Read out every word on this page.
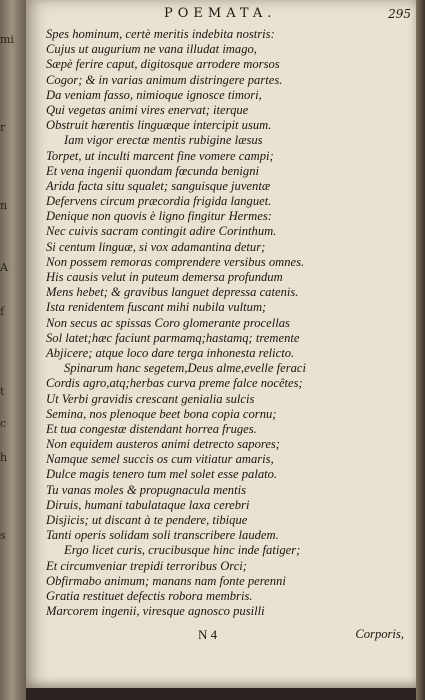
mi
r
n
A
f
t
c
h
s
POEMATA.	295
Spes hominum, certè meritis indebita nostris:
Cujus ut augurium ne vana illudat imago,
Sæpè ferire caput, digitosque arrodere morsos
Cogor; & in varias animum distringere partes.
Da veniam fasso, nimioque ignosce timori,
Qui vegetas animi vires enervat; iterque
Obstruit hærentis linguæque intercipit usum.
Iam vigor erectæ mentis rubigine læsus
Torpet, ut inculti marcent fine vomere campi;
Et vena ingenii quondam fœcunda benigni
Arida facta situ squalet; sanguisque juventæ
Defervens circum præcordia frigida languet.
Denique non quovis è ligno fingitur Hermes:
Nec cuivis sacram contingit adire Corinthum.
Si centum linguæ, si vox adamantina detur;
Non possem remoras comprendere versibus omnes.
His causis velut in puteum demersa profundum
Mens hebet; & gravibus languet depressa catenis.
Ista renidentem fuscant mihi nubila vultum;
Non secus ac spissas Coro glomerante procellas
Sol latet;hæc faciunt parmamq;hastamq; tremente
Abjicere; atque loco dare terga inhonesta relicto.
Spinarum hanc segetem,Deus alme,evelle feraci
Cordis agro,atq;herbas curva preme falce nocêtes;
Ut Verbi gravidis crescant genialia sulcis
Semina, nos plenoque beet bona copia cornu;
Et tua congestæ distendant horrea fruges.
Non equidem austeros animi detrecto sapores;
Namque semel succis os cum vitiatur amaris,
Dulce magis tenero tum mel solet esse palato.
Tu vanas moles & propugnacula mentis
Diruis, humani tabulataque laxa cerebri
Disjicis; ut discant à te pendere, tibique
Tanti operis solidam soli transcribere laudem.
Ergo licet curis, crucibusque hinc inde fatiger;
Et circumveniar trepidi terroribus Orci;
Obfirmabo animum; manans nam fonte perenni
Gratia restituet defectis robora membris.
Marcorem ingenii, viresque agnosco pusilli
N 4	Corporis,
